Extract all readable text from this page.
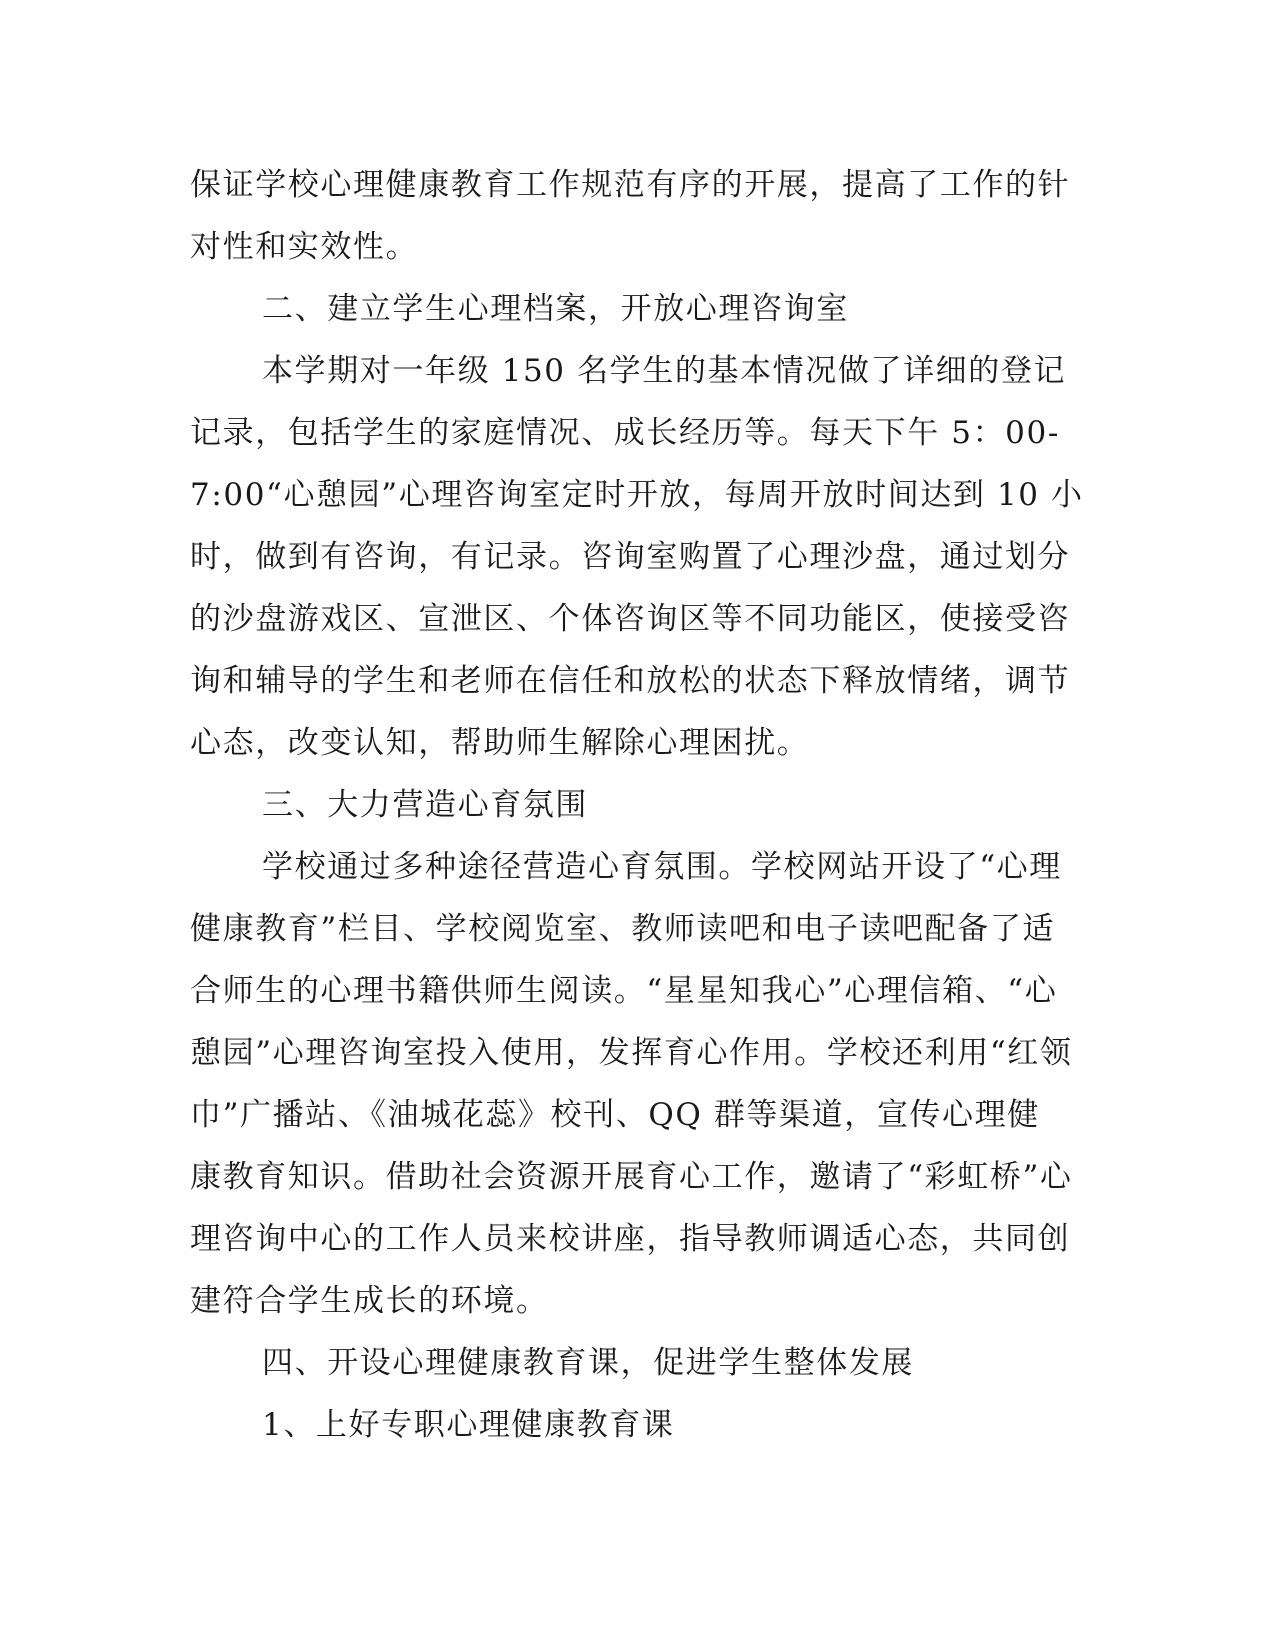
保证学校心理健康教育工作规范有序的开展，提高了工作的针
对性和实效性。
二、建立学生心理档案，开放心理咨询室
本学期对一年级 150 名学生的基本情况做了详细的登记
记录，包括学生的家庭情况、成长经历等。每天下午 5：00-
7:00“心憩园”心理咨询室定时开放，每周开放时间达到 10 小
时，做到有咨询，有记录。咨询室购置了心理沙盘，通过划分
的沙盘游戏区、宣泄区、个体咨询区等不同功能区，使接受咨
询和辅导的学生和老师在信任和放松的状态下释放情绪，调节
心态，改变认知，帮助师生解除心理困扰。
三、大力营造心育氛围
学校通过多种途径营造心育氛围。学校网站开设了“心理
健康教育”栏目、学校阅览室、教师读吧和电子读吧配备了适
合师生的心理书籍供师生阅读。“星星知我心”心理信箱、“心
憩园”心理咨询室投入使用，发挥育心作用。学校还利用“红领
巾”广播站、《油城花蕊》校刊、QQ 群等渠道，宣传心理健
康教育知识。借助社会资源开展育心工作，邀请了“彩虹桥”心
理咨询中心的工作人员来校讲座，指导教师调适心态，共同创
建符合学生成长的环境。
四、开设心理健康教育课，促进学生整体发展
1、上好专职心理健康教育课
